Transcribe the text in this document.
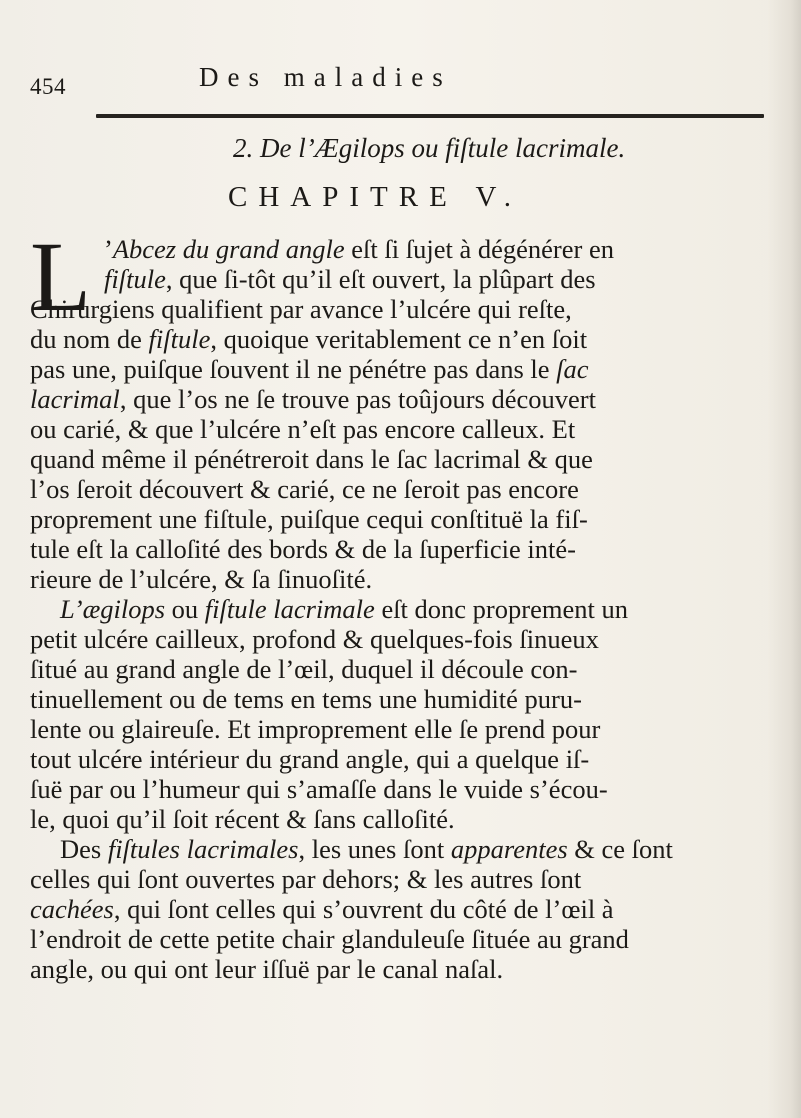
454	Des maladies
2. De l’Ægilops ou fiſtule lacrimale.
CHAPITRE V.
L ’Abcez du grand angle eſt ſi ſujet à dégénérer en
fiſtule, que ſi-tôt qu’il eſt ouvert, la plûpart des
Chirurgiens qualifient par avance l’ulcére qui reſte,
du nom de fiſtule, quoique veritablement ce n’en ſoit
pas une, puiſque ſouvent il ne pénétre pas dans le ſac
lacrimal, que l’os ne ſe trouve pas toûjours découvert
ou carié, & que l’ulcére n’eſt pas encore calleux. Et
quand même il pénétreroit dans le ſac lacrimal & que
l’os ſeroit découvert & carié, ce ne ſeroit pas encore
proprement une fiſtule, puiſque cequi conſtituë la fiſ-
tule eſt la calloſité des bords & de la ſuperficie inté-
rieure de l’ulcére, & ſa ſinuoſité.
L’ægilops ou fiſtule lacrimale eſt donc proprement un
petit ulcére cailleux, profond & quelques-fois ſinueux
ſitué au grand angle de l’œil, duquel il découle con-
tinuellement ou de tems en tems une humidité puru-
lente ou glaireuſe. Et improprement elle ſe prend pour
tout ulcére intérieur du grand angle, qui a quelque iſ-
ſuë par ou l’humeur qui s’amaſſe dans le vuide s’écou-
le, quoi qu’il ſoit récent & ſans calloſité.
Des fiſtules lacrimales, les unes ſont apparentes & ce ſont
celles qui ſont ouvertes par dehors; & les autres ſont
cachées, qui ſont celles qui s’ouvrent du côté de l’œil à
l’endroit de cette petite chair glanduleuſe ſituée au grand
angle, ou qui ont leur iſſuë par le canal naſal.
